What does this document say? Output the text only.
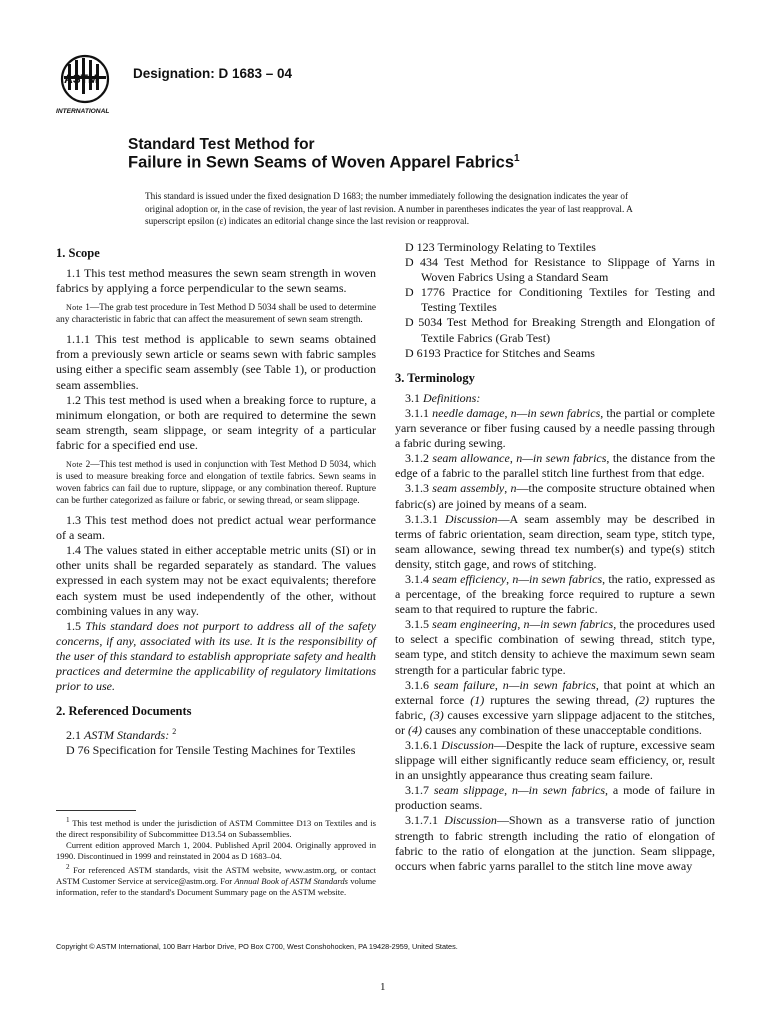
ASTM
INTERNATIONAL
Designation: D 1683 – 04
Standard Test Method for
Failure in Sewn Seams of Woven Apparel Fabrics$^1$
This standard is issued under the fixed designation D 1683; the number immediately following the designation indicates the year of original adoption or, in the case of revision, the year of last revision. A number in parentheses indicates the year of last reapproval. A superscript epsilon (ε) indicates an editorial change since the last revision or reapproval.

1. Scope

1.1 This test method measures the sewn seam strength in woven fabrics by applying a force perpendicular to the sewn seams.

Note 1—The grab test procedure in Test Method D 5034 shall be used to determine any characteristic in fabric that can affect the measurement of sewn seam strength.

1.1.1 This test method is applicable to sewn seams obtained from a previously sewn article or seams sewn with fabric samples using either a specific seam assembly (see Table 1), or production seam assemblies.

1.2 This test method is used when a breaking force to rupture, a minimum elongation, or both are required to determine the sewn seam strength, seam slippage, or seam integrity of a particular fabric for a specified end use.

Note 2—This test method is used in conjunction with Test Method D 5034, which is used to measure breaking force and elongation of textile fabrics. Sewn seams in woven fabrics can fail due to rupture, slippage, or any combination thereof. Rupture can be further categorized as failure or fabric, or sewing thread, or seam slippage.

1.3 This test method does not predict actual wear performance of a seam.

1.4 The values stated in either acceptable metric units (SI) or in other units shall be regarded separately as standard. The values expressed in each system may not be exact equivalents; therefore each system must be used independently of the other, without combining values in any way.

1.5 This standard does not purport to address all of the safety concerns, if any, associated with its use. It is the responsibility of the user of this standard to establish appropriate safety and health practices and determine the applicability of regulatory limitations prior to use.

2. Referenced Documents

2.1 ASTM Standards: $^2$

D 76 Specification for Tensile Testing Machines for Textiles

$^1$ This test method is under the jurisdiction of ASTM Committee D13 on Textiles and is the direct responsibility of Subcommittee D13.54 on Subassemblies.

Current edition approved March 1, 2004. Published April 2004. Originally approved in 1990. Discontinued in 1999 and reinstated in 2004 as D 1683–04.

$^2$ For referenced ASTM standards, visit the ASTM website, www.astm.org, or contact ASTM Customer Service at service@astm.org. For Annual Book of ASTM Standards volume information, refer to the standard's Document Summary page on the ASTM website.

D 123 Terminology Relating to Textiles

D 434 Test Method for Resistance to Slippage of Yarns in Woven Fabrics Using a Standard Seam

D 1776 Practice for Conditioning Textiles for Testing and Testing Textiles

D 5034 Test Method for Breaking Strength and Elongation of Textile Fabrics (Grab Test)

D 6193 Practice for Stitches and Seams

3. Terminology

3.1 Definitions:

3.1.1 needle damage, n—in sewn fabrics, the partial or complete yarn severance or fiber fusing caused by a needle passing through a fabric during sewing.

3.1.2 seam allowance, n—in sewn fabrics, the distance from the edge of a fabric to the parallel stitch line furthest from that edge.

3.1.3 seam assembly, n—the composite structure obtained when fabric(s) are joined by means of a seam.

3.1.3.1 Discussion—A seam assembly may be described in terms of fabric orientation, seam direction, seam type, stitch type, seam allowance, sewing thread tex number(s) and type(s) stitch density, stitch gage, and rows of stitching.

3.1.4 seam efficiency, n—in sewn fabrics, the ratio, expressed as a percentage, of the breaking force required to rupture a sewn seam to that required to rupture the fabric.

3.1.5 seam engineering, n—in sewn fabrics, the procedures used to select a specific combination of sewing thread, stitch type, seam type, and stitch density to achieve the maximum sewn seam strength for a particular fabric type.

3.1.6 seam failure, n—in sewn fabrics, that point at which an external force (1) ruptures the sewing thread, (2) ruptures the fabric, (3) causes excessive yarn slippage adjacent to the stitches, or (4) causes any combination of these unacceptable conditions.

3.1.6.1 Discussion—Despite the lack of rupture, excessive seam slippage will either significantly reduce seam efficiency, or, result in an unsightly appearance thus creating seam failure.

3.1.7 seam slippage, n—in sewn fabrics, a mode of failure in production seams.

3.1.7.1 Discussion—Shown as a transverse ratio of junction strength to fabric strength including the ratio of elongation of fabric to the ratio of elongation at the junction. Seam slippage, occurs when fabric yarns parallel to the stitch line move away

Copyright © ASTM International, 100 Barr Harbor Drive, PO Box C700, West Conshohocken, PA 19428-2959, United States.
1
